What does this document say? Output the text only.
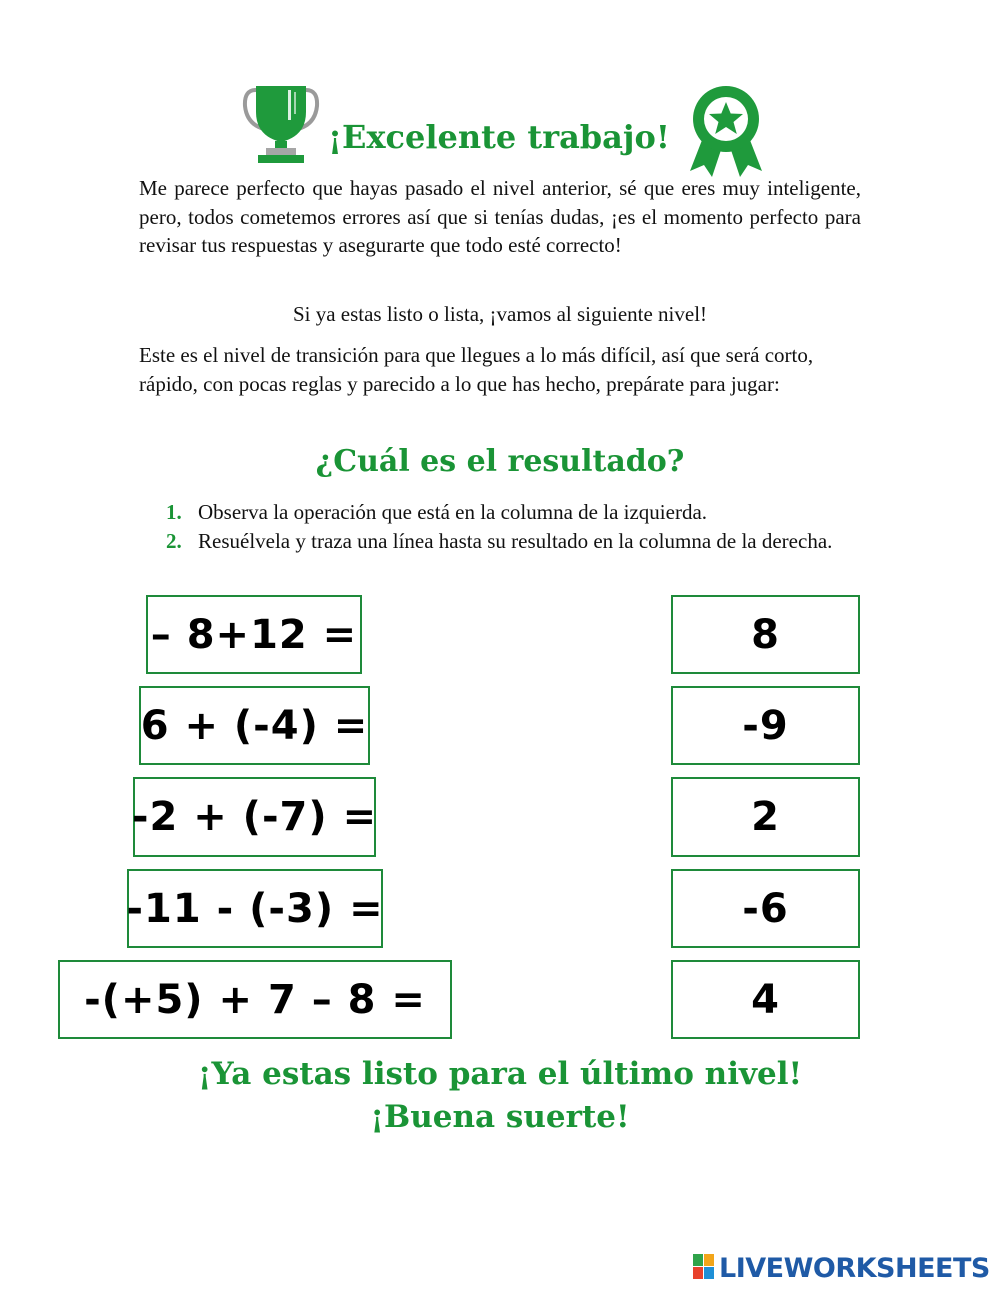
¡Excelente trabajo!

Me parece perfecto que hayas pasado el nivel anterior, sé que eres muy inteligente, pero, todos cometemos errores así que si tenías dudas, ¡es el momento perfecto para revisar tus respuestas y asegurarte que todo esté correcto!

Si ya estas listo o lista, ¡vamos al siguiente nivel!

Este es el nivel de transición para que llegues a lo más difícil, así que será corto, rápido, con pocas reglas y parecido a lo que has hecho, prepárate para jugar:

¿Cuál es el resultado?
1. Observa la operación que está en la columna de la izquierda.
2. Resuélvela y traza una línea hasta su resultado en la columna de la derecha.
– 8+12 =
6 + (-4) =
-2 + (-7) =
-11 - (-3) =
-(+5) + 7 – 8 =
8
-9
2
-6
4
¡Ya estas listo para el último nivel!
¡Buena suerte!
LIVEWORKSHEETS
